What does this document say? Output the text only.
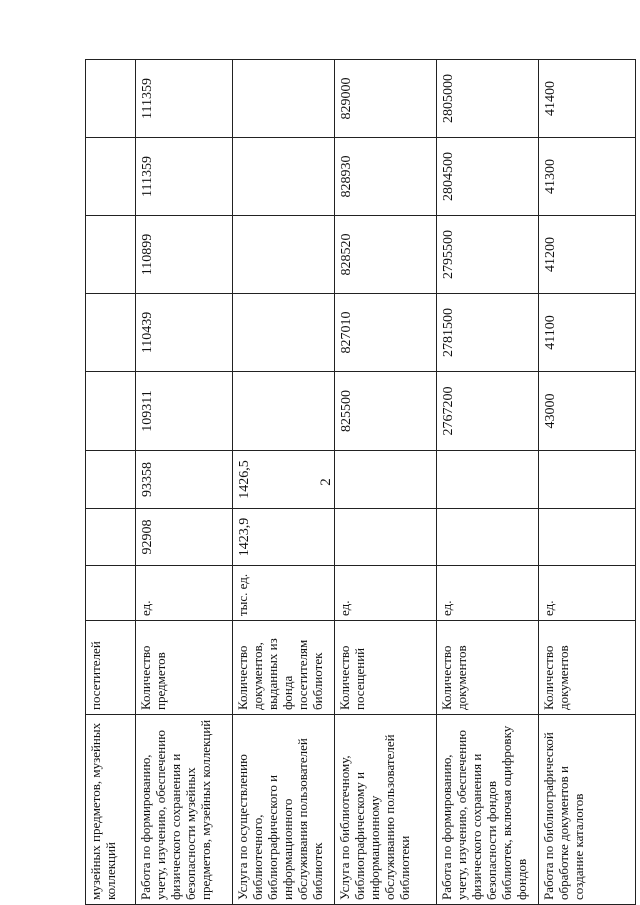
2
музейных предметов, музейных коллекций	посетителей								
Работа по формированию, учету, изучению, обеспечению физического сохранения и безопасности музейных предметов, музейных коллекций	Количество предметов	ед.	92908	93358	109311	110439	110899	111359	111359
Услуга по осуществлению библиотечного, библиографического и информационного обслуживания пользователей библиотек	Количество документов, выданных из фонда посетителям библиотек	тыс. ед.	1423,9	1426,5					
Услуга по библиотечному, библиографическому и информационному обслуживанию пользователей библиотеки	Количество посещений	ед.			825500	827010	828520	828930	829000
Работа по формированию, учету, изучению, обеспечению физического сохранения и безопасности фондов библиотек, включая оцифровку фондов	Количество документов	ед.			2767200	2781500	2795500	2804500	2805000
Работа по библиографической обработке документов и создание каталогов	Количество документов	ед.			43000	41100	41200	41300	41400
